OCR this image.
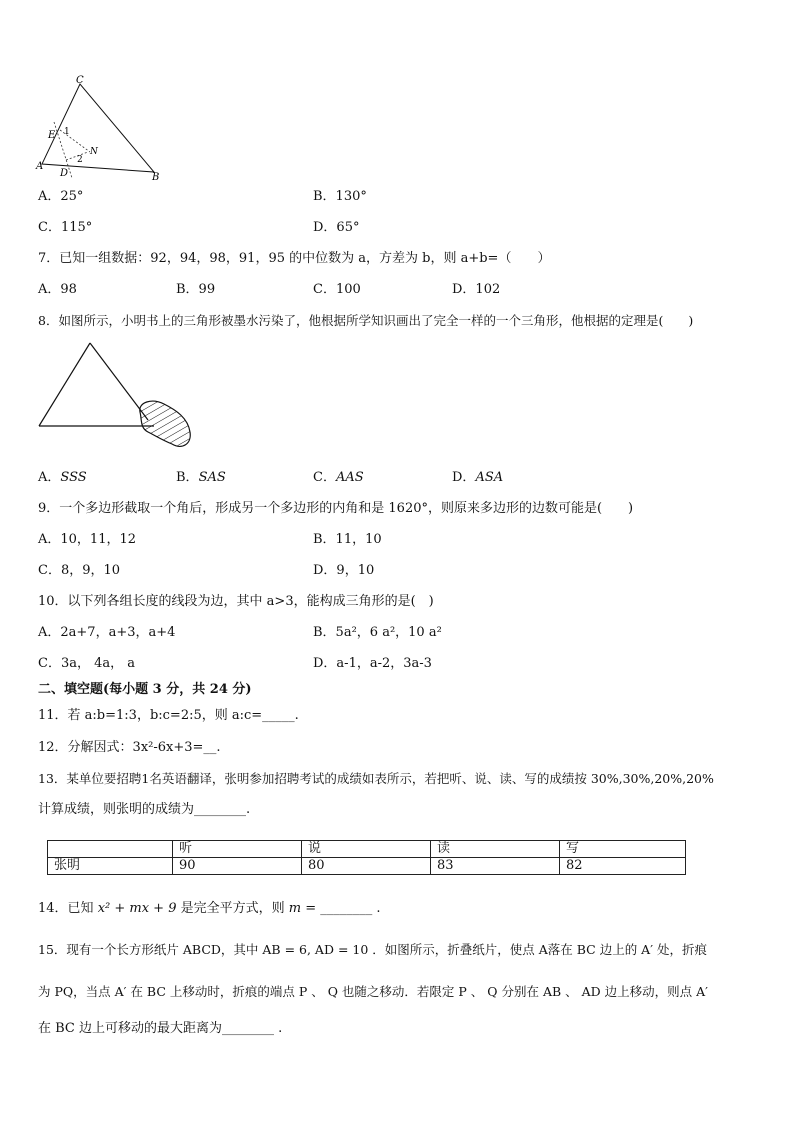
C
E 1
N
2
A
D	B
A．25°	B．130°
C．115°	D．65°
7．已知一组数据：92，94，98，91，95 的中位数为 a，方差为 b，则 a+b=（　　）
A．98	B．99	C．100	D．102
8．如图所示，小明书上的三角形被墨水污染了，他根据所学知识画出了完全一样的一个三角形，他根据的定理是(　　)
A．SSS	B．SAS	C．AAS	D．ASA
9．一个多边形截取一个角后，形成另一个多边形的内角和是 1620°，则原来多边形的边数可能是(　　)
A．10，11，12	B．11，10
C．8，9，10	D．9，10
10．以下列各组长度的线段为边，其中 a>3，能构成三角形的是(　)
A．2a+7，a+3，a+4	B．5a²，6 a²，10 a²
C．3a， 4a， a	D．a-1，a-2，3a-3
二、填空题(每小题 3 分，共 24 分)
11．若 a:b=1:3，b:c=2:5，则 a:c=_____.
12．分解因式：3x²-6x+3=__.
13．某单位要招聘1名英语翻译，张明参加招聘考试的成绩如表所示，若把听、说、读、写的成绩按 30%,30%,20%,20%
计算成绩，则张明的成绩为________.
	听	说	读	写
张明	90	80	83	82
14．已知 x² + mx + 9 是完全平方式，则 m = ________ .
15．现有一个长方形纸片 ABCD，其中 AB = 6, AD = 10 ．如图所示，折叠纸片，使点 A落在 BC 边上的 A′ 处，折痕
为 PQ，当点 A′ 在 BC 上移动时，折痕的端点 P 、 Q 也随之移动．若限定 P 、 Q 分别在 AB 、 AD 边上移动，则点 A′
在 BC 边上可移动的最大距离为________ .
